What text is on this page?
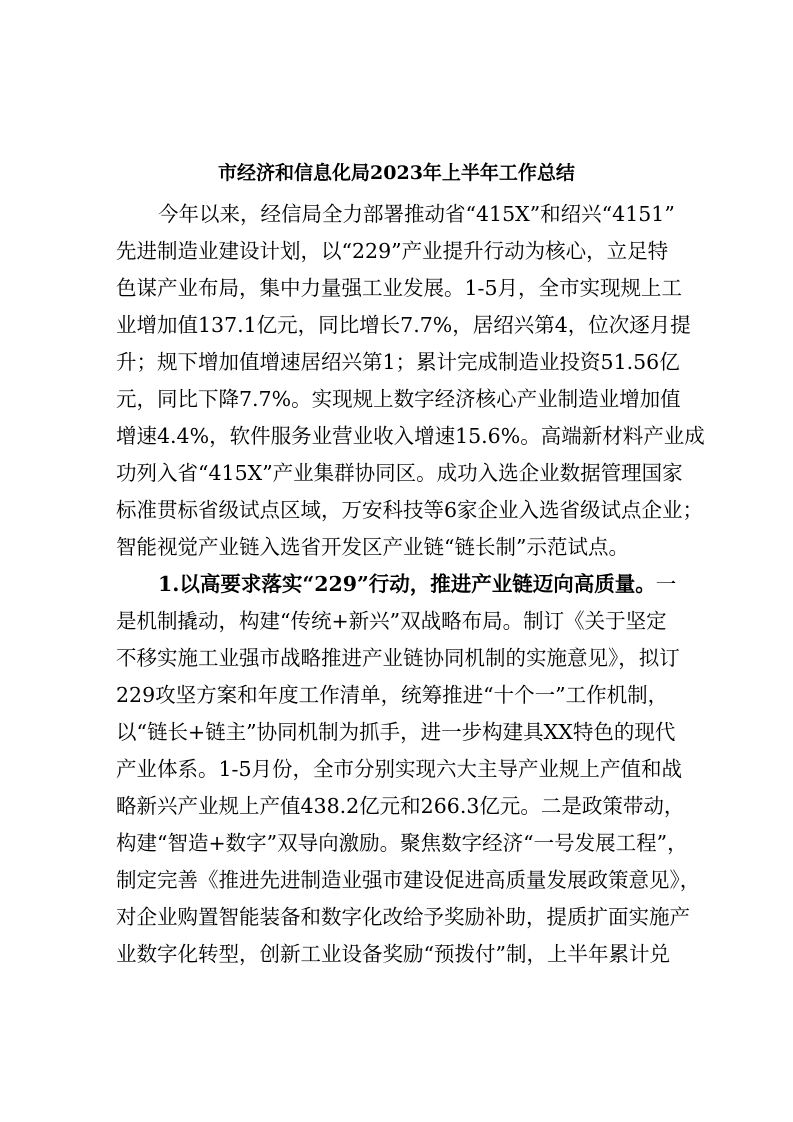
市经济和信息化局2023年上半年工作总结
今年以来，经信局全力部署推动省“415X”和绍兴“4151”
先进制造业建设计划，以“229”产业提升行动为核心，立足特
色谋产业布局，集中力量强工业发展。1-5月，全市实现规上工
业增加值137.1亿元，同比增长7.7%，居绍兴第4，位次逐月提
升；规下增加值增速居绍兴第1；累计完成制造业投资51.56亿
元，同比下降7.7%。实现规上数字经济核心产业制造业增加值
增速4.4%，软件服务业营业收入增速15.6%。高端新材料产业成
功列入省“415X”产业集群协同区。成功入选企业数据管理国家
标准贯标省级试点区域，万安科技等6家企业入选省级试点企业；
智能视觉产业链入选省开发区产业链“链长制”示范试点。
1.以高要求落实“229”行动，推进产业链迈向高质量。一
是机制撬动，构建“传统+新兴”双战略布局。制订《关于坚定
不移实施工业强市战略推进产业链协同机制的实施意见》，拟订
229攻坚方案和年度工作清单，统筹推进“十个一”工作机制，
以“链长+链主”协同机制为抓手，进一步构建具XX特色的现代
产业体系。1-5月份，全市分别实现六大主导产业规上产值和战
略新兴产业规上产值438.2亿元和266.3亿元。二是政策带动，
构建“智造+数字”双导向激励。聚焦数字经济“一号发展工程”，
制定完善《推进先进制造业强市建设促进高质量发展政策意见》，
对企业购置智能装备和数字化改给予奖励补助，提质扩面实施产
业数字化转型，创新工业设备奖励“预拨付”制，上半年累计兑
